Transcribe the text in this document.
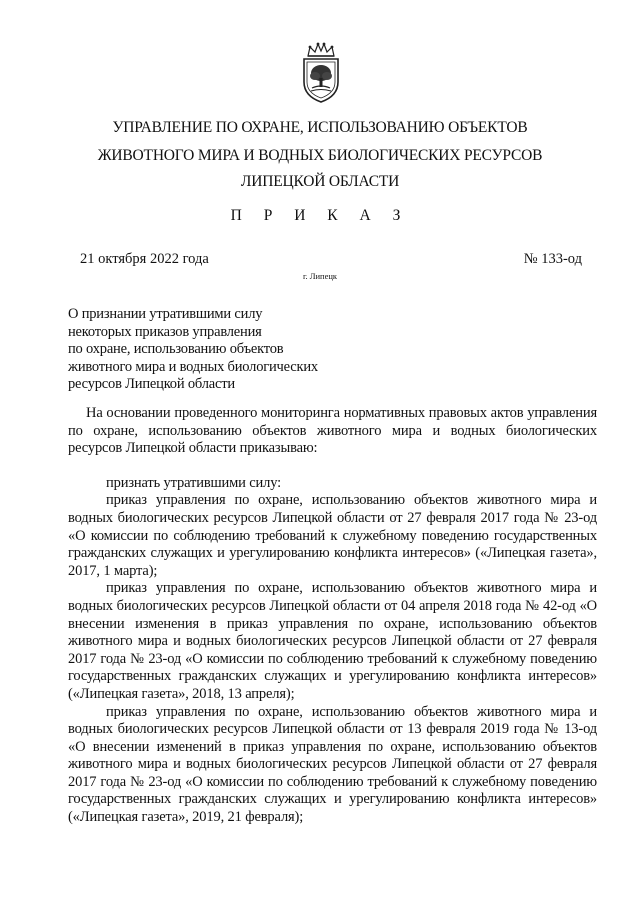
УПРАВЛЕНИЕ ПО ОХРАНЕ, ИСПОЛЬЗОВАНИЮ ОБЪЕКТОВ
ЖИВОТНОГО МИРА И ВОДНЫХ БИОЛОГИЧЕСКИХ РЕСУРСОВ
ЛИПЕЦКОЙ ОБЛАСТИ
П Р И К А З
21 октября 2022 года	№ 133-од
г. Липецк
О признании утратившими силу
некоторых приказов управления
по охране, использованию объектов
животного мира и водных биологических
ресурсов Липецкой области

На основании проведенного мониторинга нормативных правовых актов управления по охране, использованию объектов животного мира и водных биологических ресурсов Липецкой области приказываю:

признать утратившими силу:

приказ управления по охране, использованию объектов животного мира и водных биологических ресурсов Липецкой области от 27 февраля 2017 года № 23-од «О комиссии по соблюдению требований к служебному поведению государственных гражданских служащих и урегулированию конфликта интересов» («Липецкая газета», 2017, 1 марта);

приказ управления по охране, использованию объектов животного мира и водных биологических ресурсов Липецкой области от 04 апреля 2018 года № 42-од «О внесении изменения в приказ управления по охране, использованию объектов животного мира и водных биологических ресурсов Липецкой области от 27 февраля 2017 года № 23-од «О комиссии по соблюдению требований к служебному поведению государственных гражданских служащих и урегулированию конфликта интересов» («Липецкая газета», 2018, 13 апреля);

приказ управления по охране, использованию объектов животного мира и водных биологических ресурсов Липецкой области от 13 февраля 2019 года № 13-од «О внесении изменений в приказ управления по охране, использованию объектов животного мира и водных биологических ресурсов Липецкой области от 27 февраля 2017 года № 23-од «О комиссии по соблюдению требований к служебному поведению государственных гражданских служащих и урегулированию конфликта интересов» («Липецкая газета», 2019, 21 февраля);
